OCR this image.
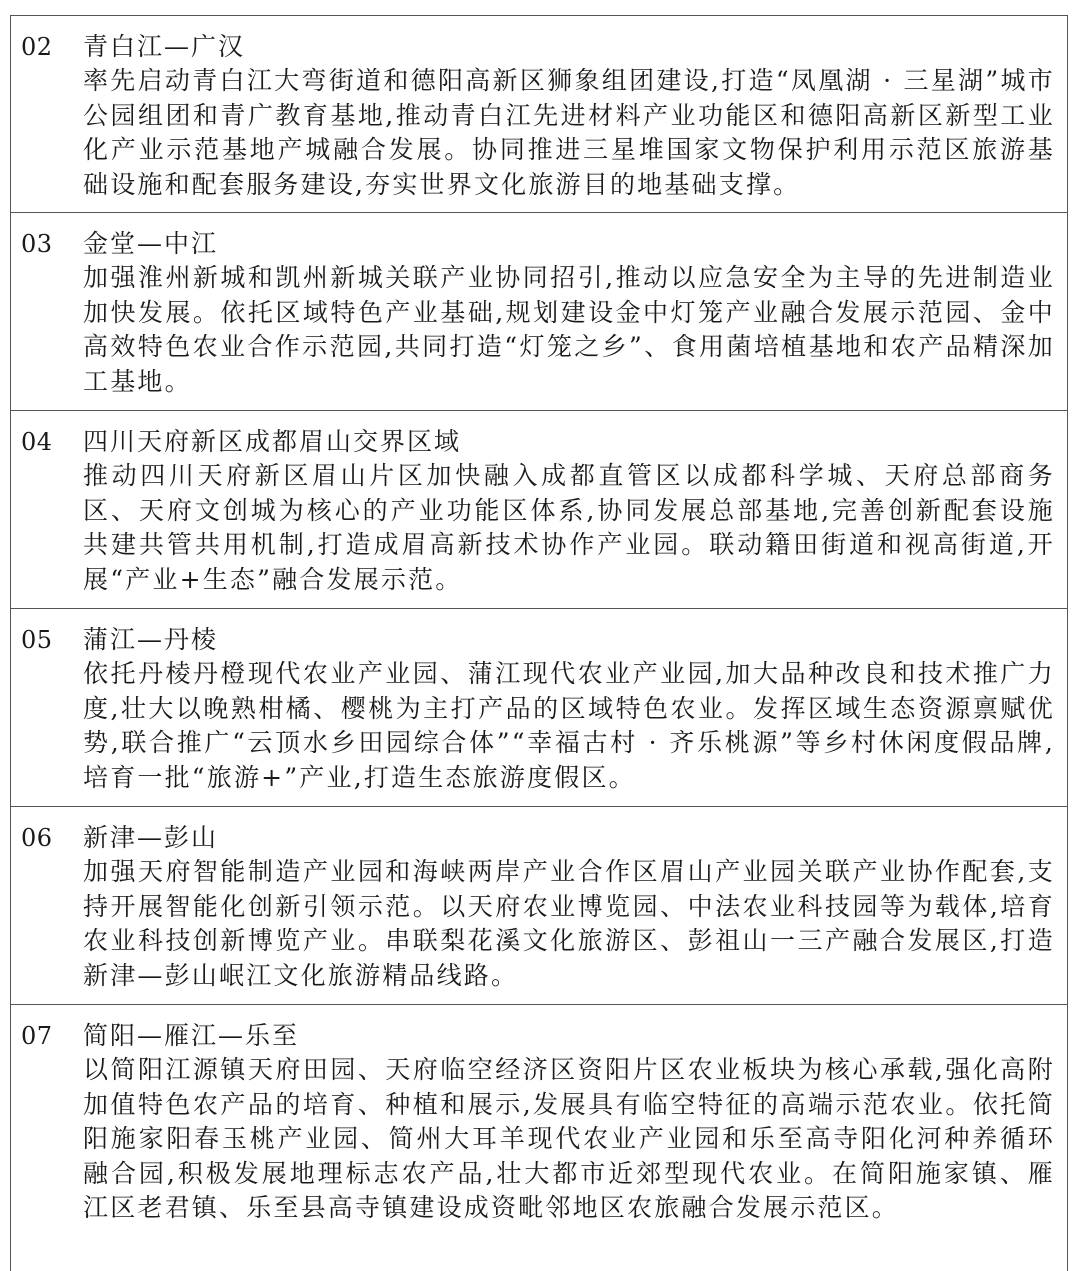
02 青白江—广汉
率先启动青白江大弯街道和德阳高新区狮象组团建设,打造“凤凰湖 · 三星湖”城市公园组团和青广教育基地,推动青白江先进材料产业功能区和德阳高新区新型工业化产业示范基地产城融合发展。协同推进三星堆国家文物保护利用示范区旅游基础设施和配套服务建设,夯实世界文化旅游目的地基础支撑。
03 金堂—中江
加强淮州新城和凯州新城关联产业协同招引,推动以应急安全为主导的先进制造业加快发展。依托区域特色产业基础,规划建设金中灯笼产业融合发展示范园、金中高效特色农业合作示范园,共同打造“灯笼之乡”、食用菌培植基地和农产品精深加工基地。
04 四川天府新区成都眉山交界区域
推动四川天府新区眉山片区加快融入成都直管区以成都科学城、天府总部商务区、天府文创城为核心的产业功能区体系,协同发展总部基地,完善创新配套设施共建共管共用机制,打造成眉高新技术协作产业园。联动籍田街道和视高街道,开展“产业+生态”融合发展示范。
05 蒲江—丹棱
依托丹棱丹橙现代农业产业园、蒲江现代农业产业园,加大品种改良和技术推广力度,壮大以晚熟柑橘、樱桃为主打产品的区域特色农业。发挥区域生态资源禀赋优势,联合推广“云顶水乡田园综合体”“幸福古村 · 齐乐桃源”等乡村休闲度假品牌,培育一批“旅游+”产业,打造生态旅游度假区。
06 新津—彭山
加强天府智能制造产业园和海峡两岸产业合作区眉山产业园关联产业协作配套,支持开展智能化创新引领示范。以天府农业博览园、中法农业科技园等为载体,培育农业科技创新博览产业。串联梨花溪文化旅游区、彭祖山一三产融合发展区,打造新津—彭山岷江文化旅游精品线路。
07 简阳—雁江—乐至
以简阳江源镇天府田园、天府临空经济区资阳片区农业板块为核心承载,强化高附加值特色农产品的培育、种植和展示,发展具有临空特征的高端示范农业。依托简阳施家阳春玉桃产业园、简州大耳羊现代农业产业园和乐至高寺阳化河种养循环融合园,积极发展地理标志农产品,壮大都市近郊型现代农业。在简阳施家镇、雁江区老君镇、乐至县高寺镇建设成资毗邻地区农旅融合发展示范区。
